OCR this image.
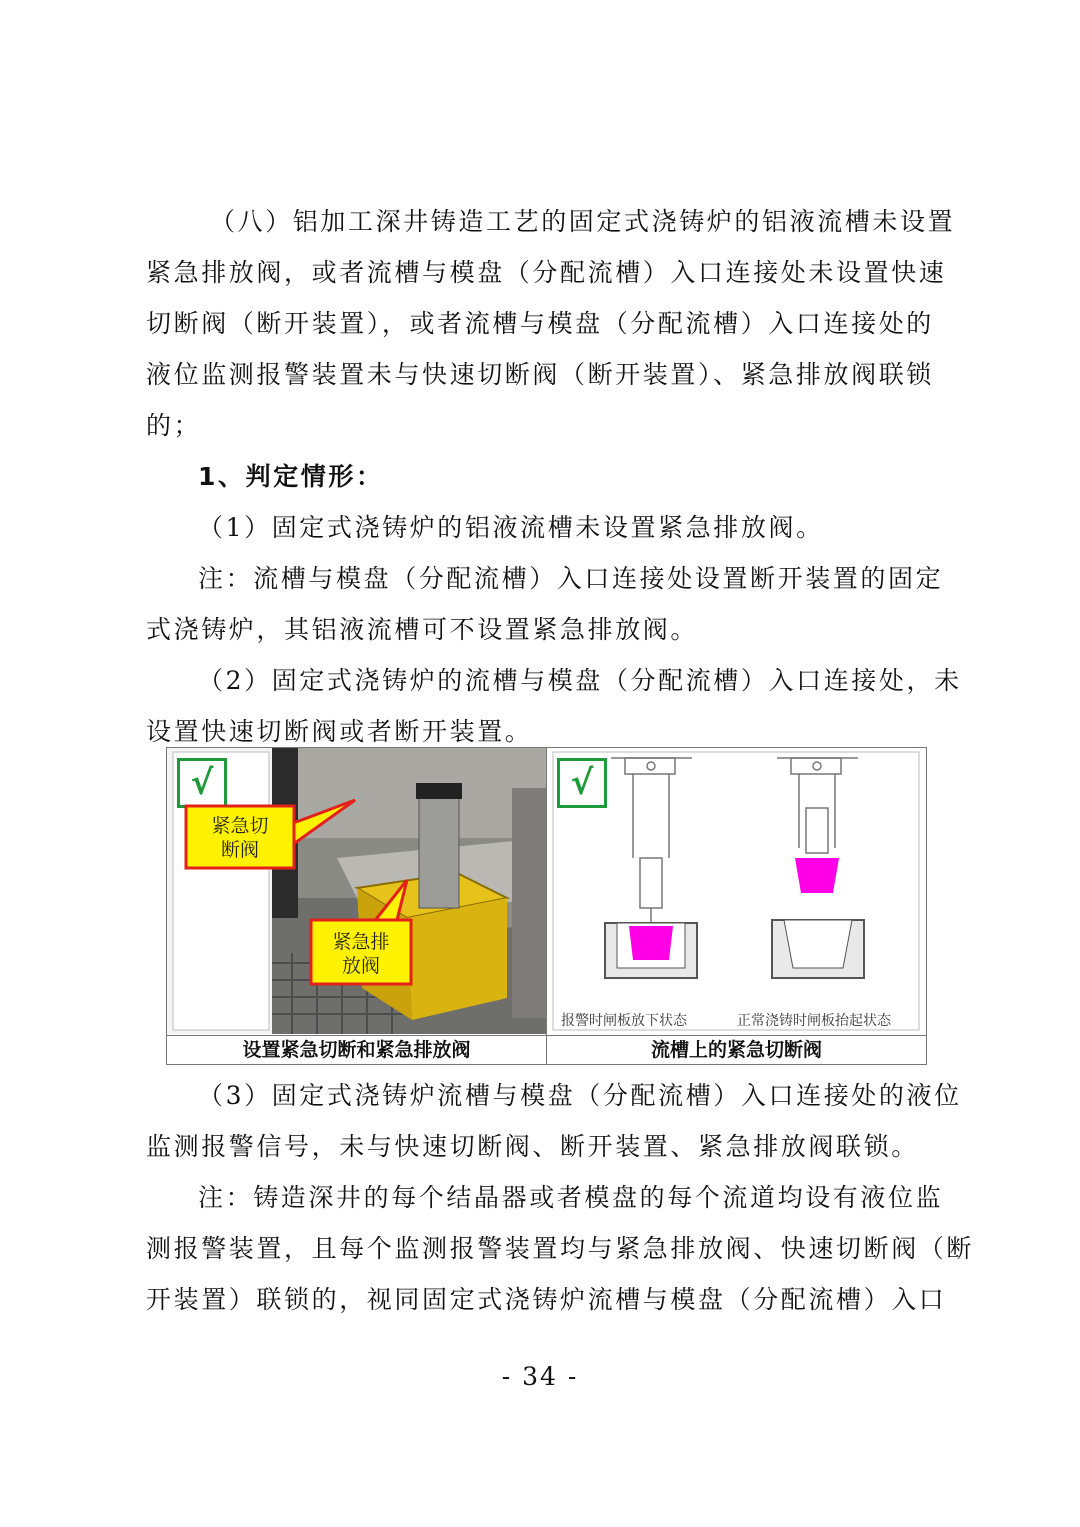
（八）铝加工深井铸造工艺的固定式浇铸炉的铝液流槽未设置
紧急排放阀，或者流槽与模盘（分配流槽）入口连接处未设置快速
切断阀（断开装置），或者流槽与模盘（分配流槽）入口连接处的
液位监测报警装置未与快速切断阀（断开装置）、紧急排放阀联锁
的；
1、判定情形：
（1）固定式浇铸炉的铝液流槽未设置紧急排放阀。
注：流槽与模盘（分配流槽）入口连接处设置断开装置的固定
式浇铸炉，其铝液流槽可不设置紧急排放阀。
（2）固定式浇铸炉的流槽与模盘（分配流槽）入口连接处，未
设置快速切断阀或者断开装置。
√
紧急切
断阀
紧急排
放阀
√
报警时闸板放下状态	正常浇铸时闸板抬起状态
设置紧急切断和紧急排放阀	流槽上的紧急切断阀
（3）固定式浇铸炉流槽与模盘（分配流槽）入口连接处的液位
监测报警信号，未与快速切断阀、断开装置、紧急排放阀联锁。
注：铸造深井的每个结晶器或者模盘的每个流道均设有液位监
测报警装置，且每个监测报警装置均与紧急排放阀、快速切断阀（断
开装置）联锁的，视同固定式浇铸炉流槽与模盘（分配流槽）入口
- 34 -
